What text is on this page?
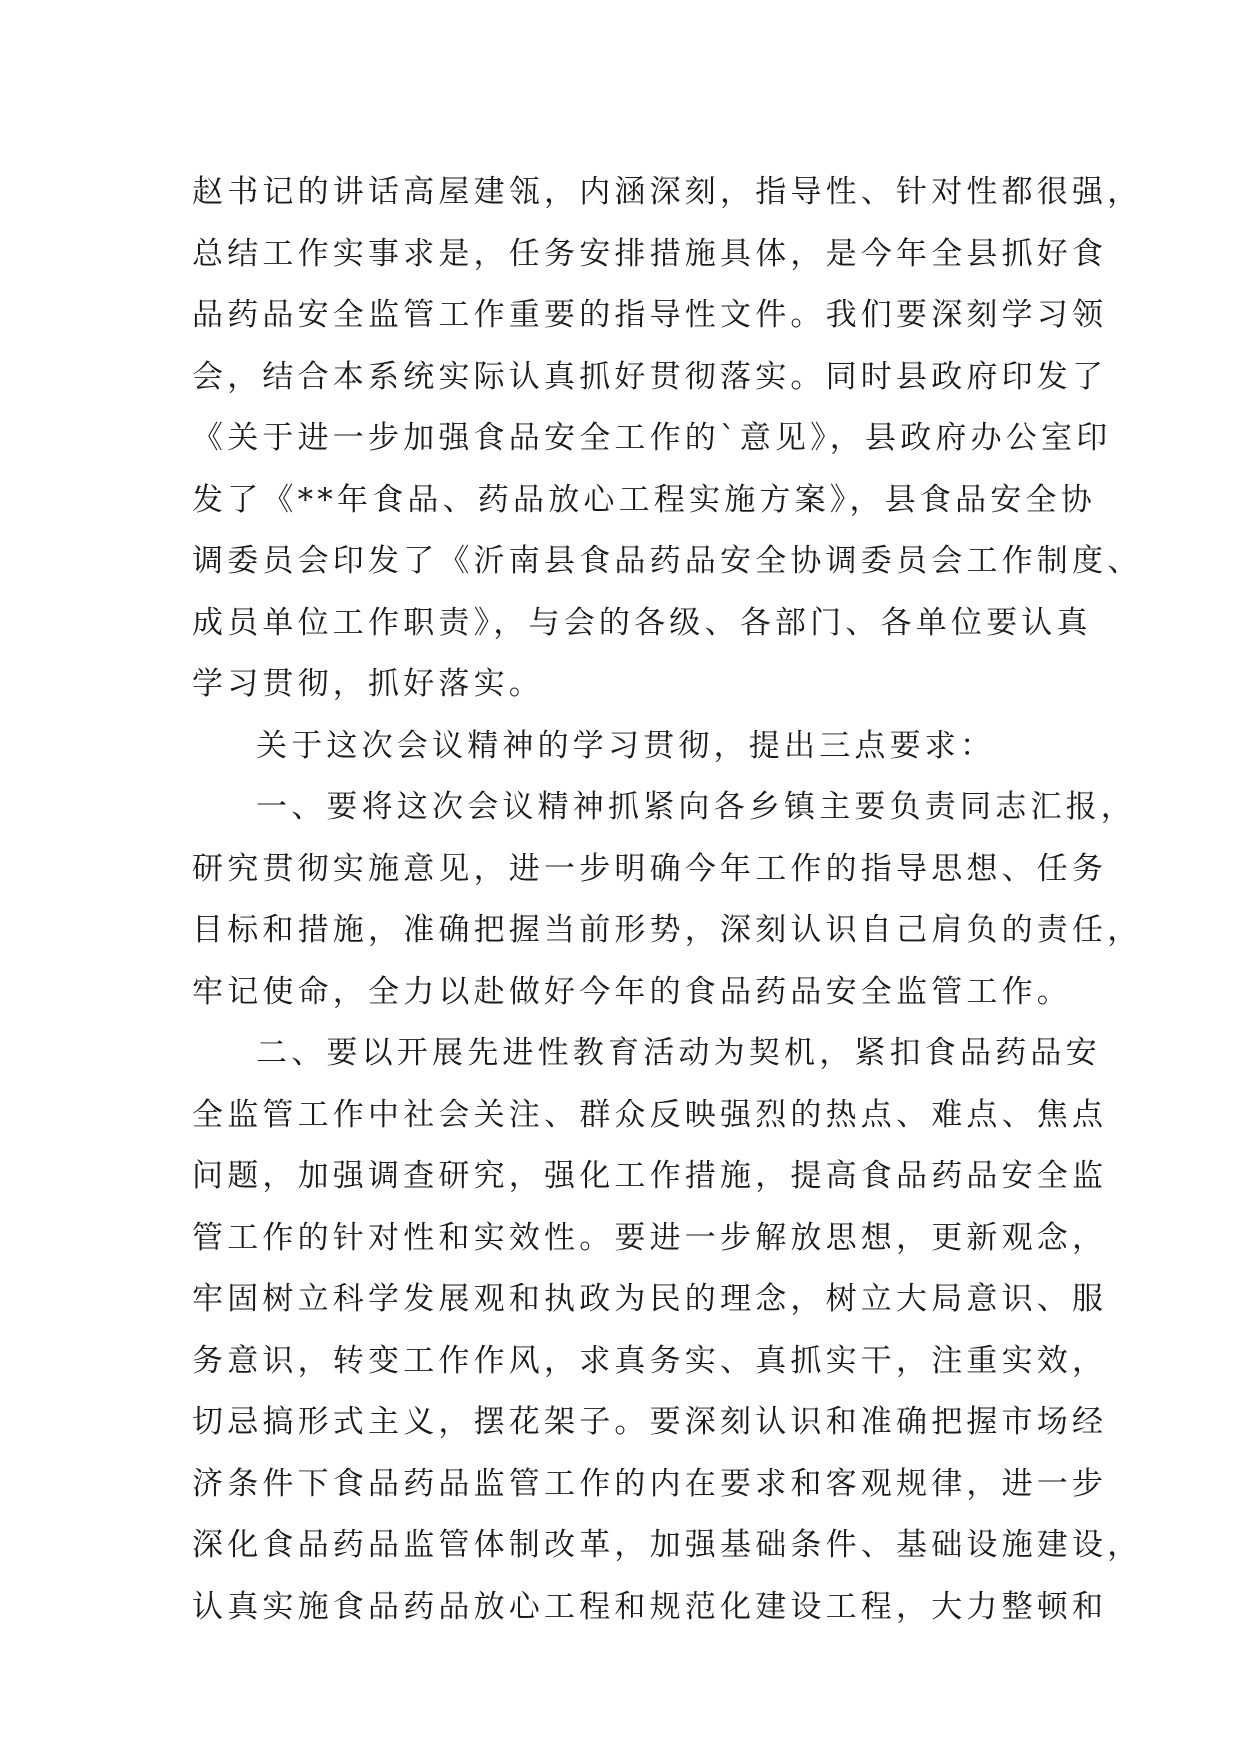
赵书记的讲话高屋建瓴，内涵深刻，指导性、针对性都很强，
总结工作实事求是，任务安排措施具体，是今年全县抓好食
品药品安全监管工作重要的指导性文件。我们要深刻学习领
会，结合本系统实际认真抓好贯彻落实。同时县政府印发了
《关于进一步加强食品安全工作的`意见》，县政府办公室印
发了《**年食品、药品放心工程实施方案》，县食品安全协
调委员会印发了《沂南县食品药品安全协调委员会工作制度、
成员单位工作职责》，与会的各级、各部门、各单位要认真
学习贯彻，抓好落实。
关于这次会议精神的学习贯彻，提出三点要求：
一、要将这次会议精神抓紧向各乡镇主要负责同志汇报，
研究贯彻实施意见，进一步明确今年工作的指导思想、任务
目标和措施，准确把握当前形势，深刻认识自己肩负的责任，
牢记使命，全力以赴做好今年的食品药品安全监管工作。
二、要以开展先进性教育活动为契机，紧扣食品药品安
全监管工作中社会关注、群众反映强烈的热点、难点、焦点
问题，加强调查研究，强化工作措施，提高食品药品安全监
管工作的针对性和实效性。要进一步解放思想，更新观念，
牢固树立科学发展观和执政为民的理念，树立大局意识、服
务意识，转变工作作风，求真务实、真抓实干，注重实效，
切忌搞形式主义，摆花架子。要深刻认识和准确把握市场经
济条件下食品药品监管工作的内在要求和客观规律，进一步
深化食品药品监管体制改革，加强基础条件、基础设施建设，
认真实施食品药品放心工程和规范化建设工程，大力整顿和
